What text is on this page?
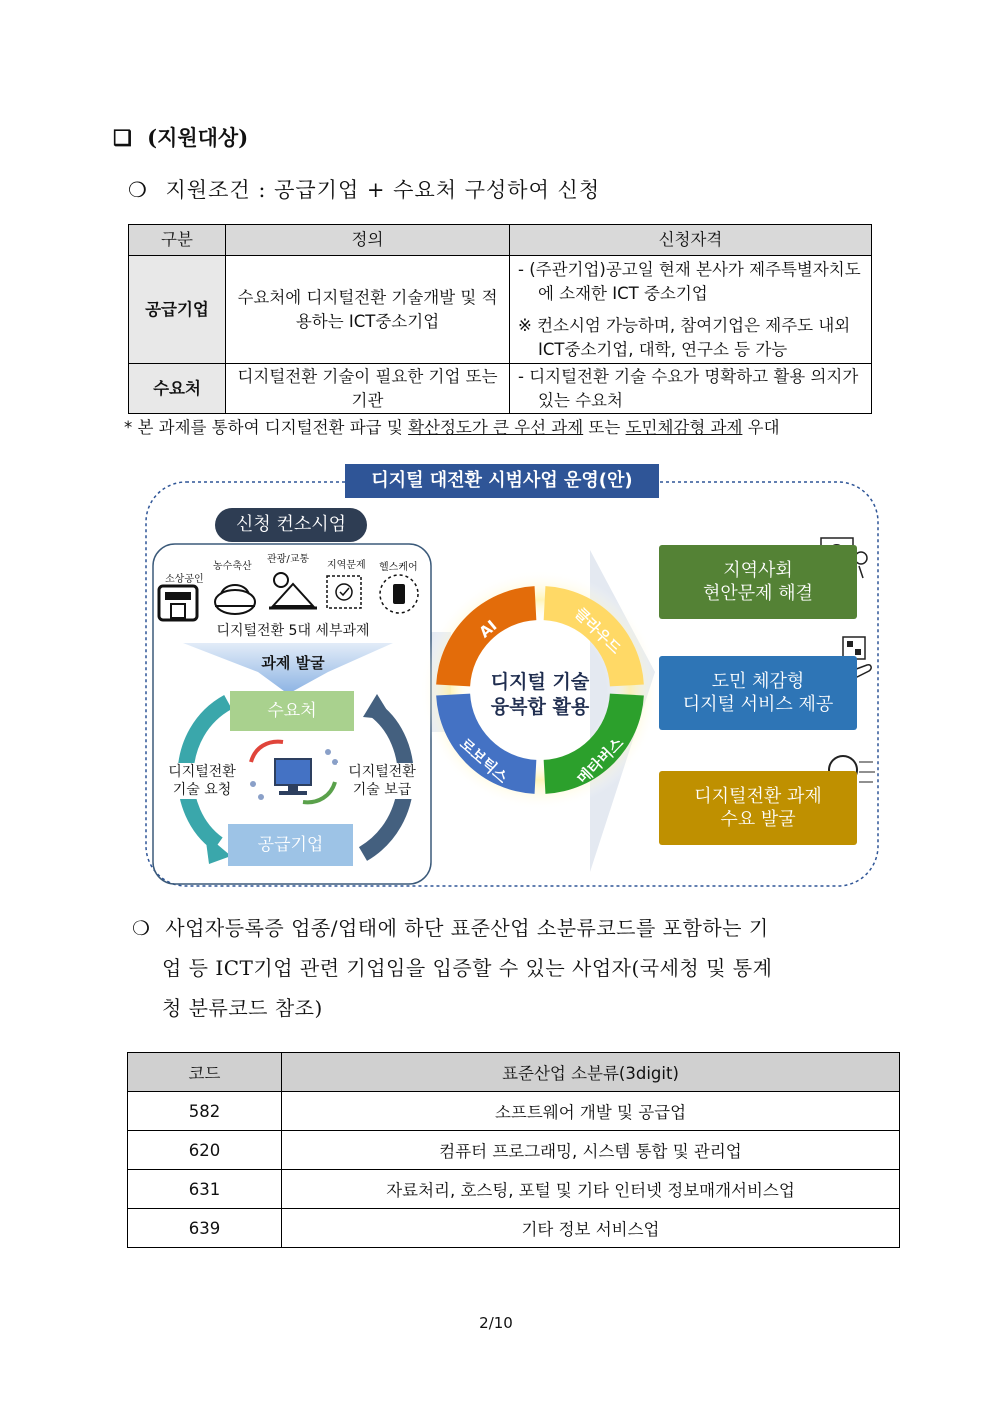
❑ (지원대상)
❍ 지원조건 : 공급기업 + 수요처 구성하여 신청
구분	정의	신청자격
공급기업	수요처에 디지털전환 기술개발 및 적용하는 ICT중소기업	- (주관기업)공고일 현재 본사가 제주특별자치도에 소재한 ICT 중소기업
※ 컨소시엄 가능하며, 참여기업은 제주도 내외 ICT중소기업, 대학, 연구소 등 가능

수요처	디지털전환 기술이 필요한 기업 또는 기관	- 디지털전환 기술 수요가 명확하고 활용 의지가 있는 수요처
* 본 과제를 통하여 디지털전환 파급 및 확산정도가 큰 우선 과제 또는 도민체감형 과제 우대
디지털 대전환 시범사업 운영(안)
신청 컨소시엄
소상공인
농수축산
관광/교통
지역문제 헬스케어
디지털전환 5대 세부과제
과제 발굴
수요처
공급기업
디지털전환
기술 요청
디지털전환
기술 보급
디지털 기술
융복합 활용
AI	클라우드
메타버스
로보틱스
지역사회
현안문제 해결
도민 체감형
디지털 서비스 제공
디지털전환 과제
수요 발굴
❍ 사업자등록증 업종/업태에 하단 표준산업 소분류코드를 포함하는 기
업 등 ICT기업 관련 기업임을 입증할 수 있는 사업자(국세청 및 통계
청 분류코드 참조)
코드	표준산업 소분류(3digit)
582	소프트웨어 개발 및 공급업
620	컴퓨터 프로그래밍, 시스템 통합 및 관리업
631	자료처리, 호스팅, 포털 및 기타 인터넷 정보매개서비스업
639	기타 정보 서비스업
2/10
